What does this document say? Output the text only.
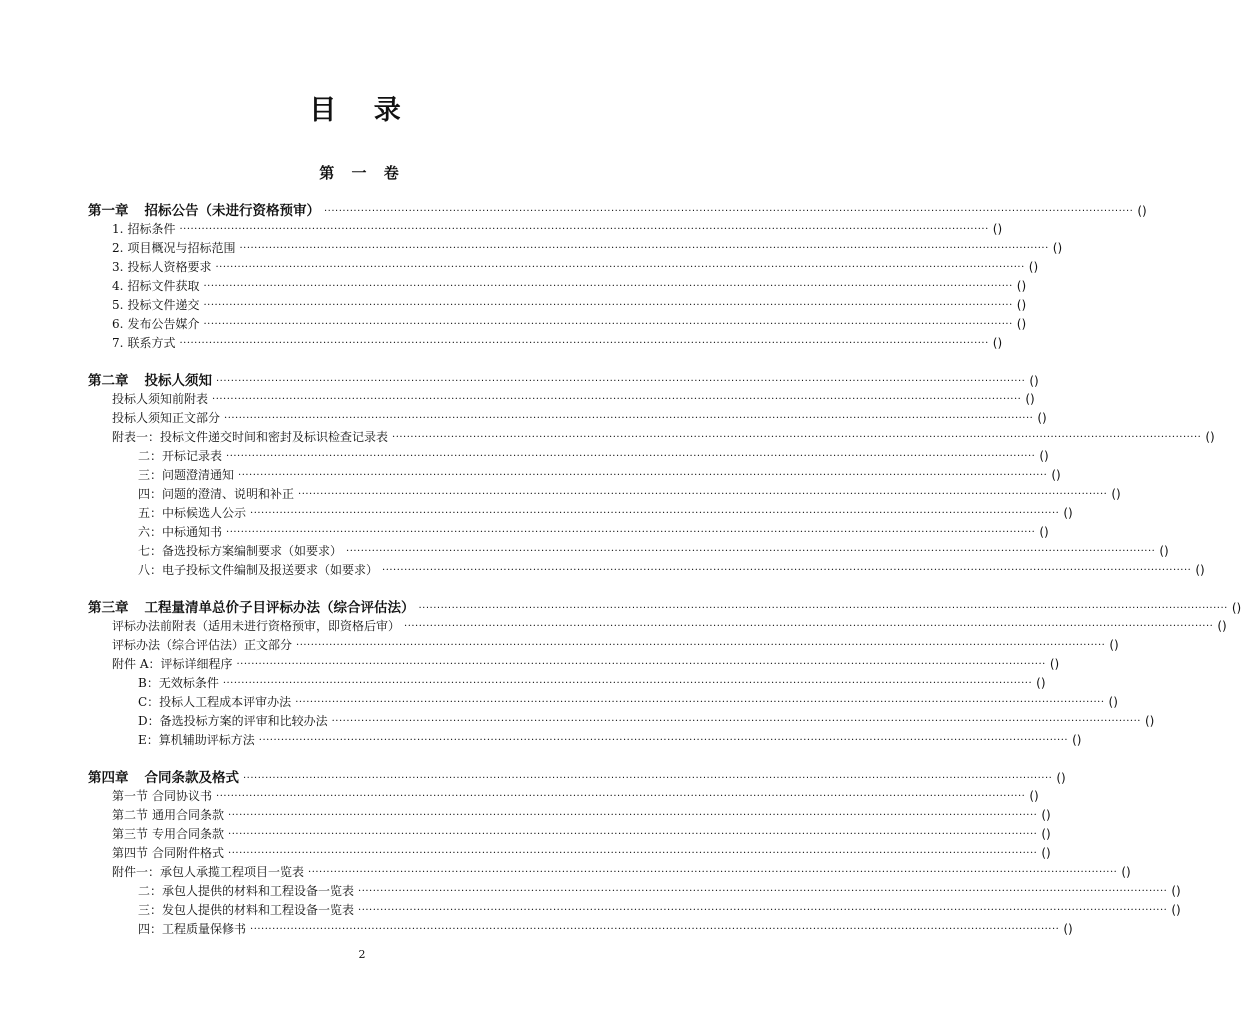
目 录
第 一 卷
第一章 招标公告（未进行资格预审） ···························································································································································································································· ( )
1. 招标条件 ···························································································································································································································· ( )
2. 项目概况与招标范围 ···························································································································································································································· ( )
3. 投标人资格要求 ···························································································································································································································· ( )
4. 招标文件获取 ···························································································································································································································· ( )
5. 投标文件递交 ···························································································································································································································· ( )
6. 发布公告媒介 ···························································································································································································································· ( )
7. 联系方式 ···························································································································································································································· ( )
第二章 投标人须知 ···························································································································································································································· ( )
投标人须知前附表 ···························································································································································································································· ( )
投标人须知正文部分 ···························································································································································································································· ( )
附表一：投标文件递交时间和密封及标识检查记录表 ···························································································································································································································· ( )
二：开标记录表 ···························································································································································································································· ( )
三：问题澄清通知 ···························································································································································································································· ( )
四：问题的澄清、说明和补正 ···························································································································································································································· ( )
五：中标候选人公示 ···························································································································································································································· ( )
六：中标通知书 ···························································································································································································································· ( )
七：备选投标方案编制要求（如要求） ···························································································································································································································· ( )
八：电子投标文件编制及报送要求（如要求） ···························································································································································································································· ( )
第三章 工程量清单总价子目评标办法（综合评估法） ···························································································································································································································· ( )
评标办法前附表（适用未进行资格预审，即资格后审） ···························································································································································································································· ( )
评标办法（综合评估法）正文部分 ···························································································································································································································· ( )
附件 A：评标详细程序 ···························································································································································································································· ( )
B：无效标条件 ···························································································································································································································· ( )
C：投标人工程成本评审办法 ···························································································································································································································· ( )
D：备选投标方案的评审和比较办法 ···························································································································································································································· ( )
E：算机辅助评标方法 ···························································································································································································································· ( )
第四章 合同条款及格式 ···························································································································································································································· ( )
第一节 合同协议书 ···························································································································································································································· ( )
第二节 通用合同条款 ···························································································································································································································· ( )
第三节 专用合同条款 ···························································································································································································································· ( )
第四节 合同附件格式 ···························································································································································································································· ( )
附件一：承包人承揽工程项目一览表 ···························································································································································································································· ( )
二：承包人提供的材料和工程设备一览表 ···························································································································································································································· ( )
三：发包人提供的材料和工程设备一览表 ···························································································································································································································· ( )
四：工程质量保修书 ···························································································································································································································· ( )
2
